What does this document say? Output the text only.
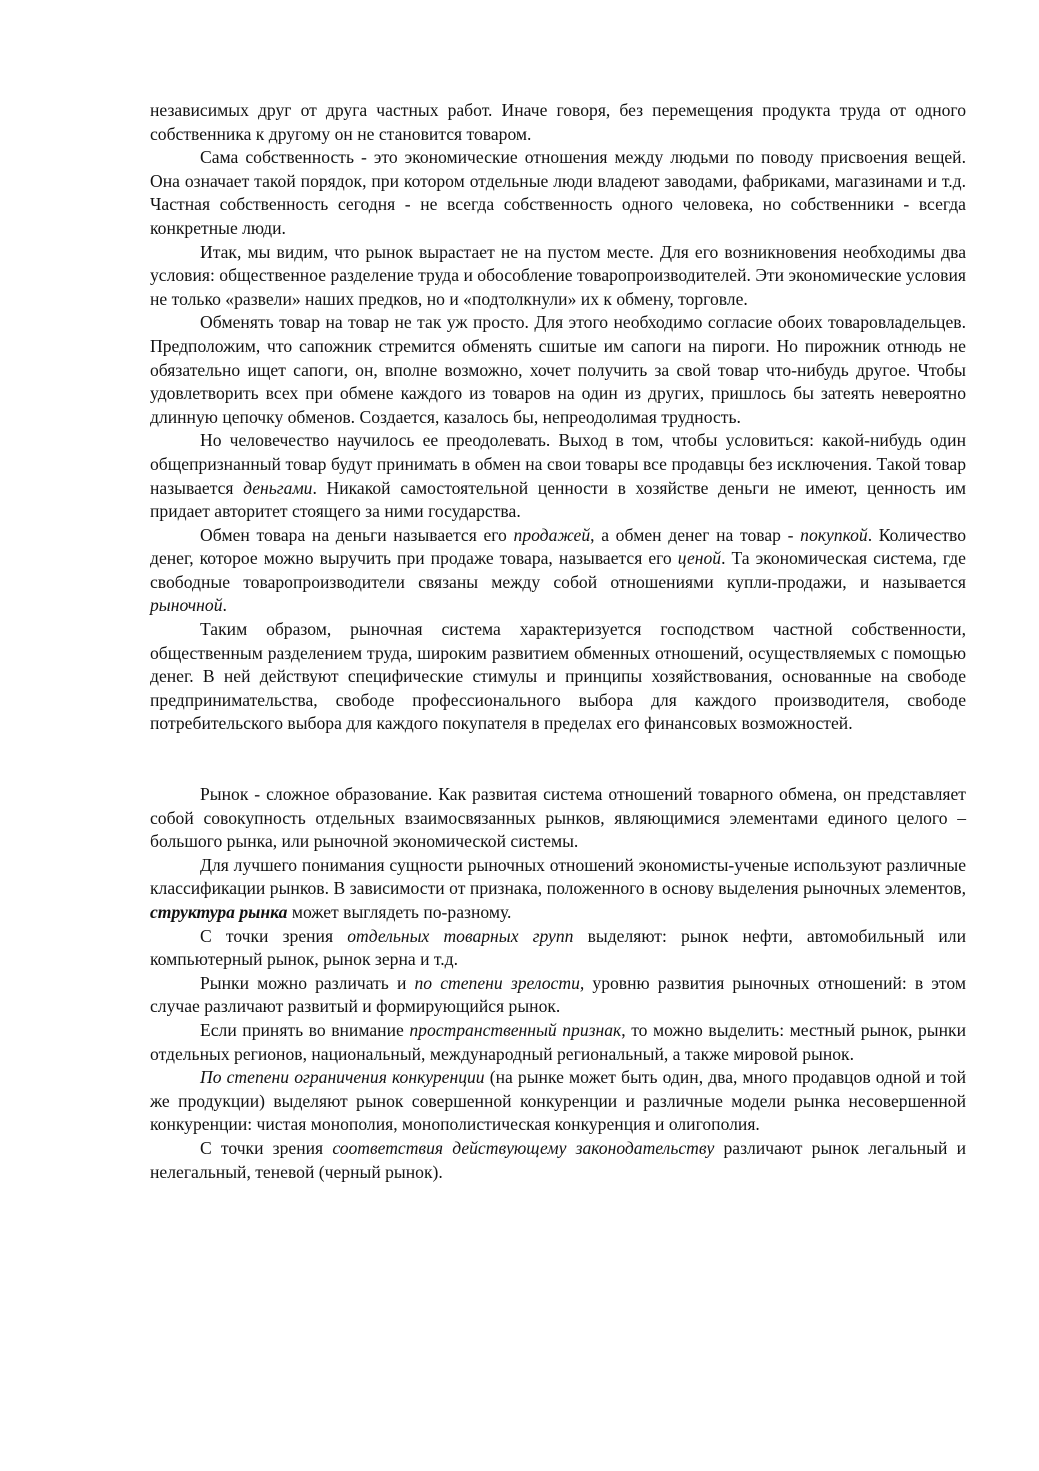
независимых друг от друга частных работ. Иначе говоря, без перемещения продукта труда от одного собственника к другому он не становится товаром.

Сама собственность - это экономические отношения между людьми по поводу присвоения вещей. Она означает такой порядок, при котором отдельные люди владеют заводами, фабриками, магазинами и т.д. Частная собственность сегодня - не всегда собственность одного человека, но собственники - всегда конкретные люди.

Итак, мы видим, что рынок вырастает не на пустом месте. Для его возникновения необходимы два условия: общественное разделение труда и обособление товаропроизводителей. Эти экономические условия не только «развели» наших предков, но и «подтолкнули» их к обмену, торговле.

Обменять товар на товар не так уж просто. Для этого необходимо согласие обоих товаровладельцев. Предположим, что сапожник стремится обменять сшитые им сапоги на пироги. Но пирожник отнюдь не обязательно ищет сапоги, он, вполне возможно, хочет получить за свой товар что-нибудь другое. Чтобы удовлетворить всех при обмене каждого из товаров на один из других, пришлось бы затеять невероятно длинную цепочку обменов. Создается, казалось бы, непреодолимая трудность.

Но человечество научилось ее преодолевать. Выход в том, чтобы условиться: какой-нибудь один общепризнанный товар будут принимать в обмен на свои товары все продавцы без исключения. Такой товар называется деньгами. Никакой самостоятельной ценности в хозяйстве деньги не имеют, ценность им придает авторитет стоящего за ними государства.

Обмен товара на деньги называется его продажей, а обмен денег на товар - покупкой. Количество денег, которое можно выручить при продаже товара, называется его ценой. Та экономическая система, где свободные товаропроизводители связаны между собой отношениями купли-продажи, и называется рыночной.

Таким образом, рыночная система характеризуется господством частной собственности, общественным разделением труда, широким развитием обменных отношений, осуществляемых с помощью денег. В ней действуют специфические стимулы и принципы хозяйствования, основанные на свободе предпринимательства, свободе профессионального выбора для каждого производителя, свободе потребительского выбора для каждого покупателя в пределах его финансовых возможностей.

Рынок - сложное образование. Как развитая система отношений товарного обмена, он представляет собой совокупность отдельных взаимосвязанных рынков, являющимися элементами единого целого – большого рынка, или рыночной экономической системы.

Для лучшего понимания сущности рыночных отношений экономисты-ученые используют различные классификации рынков. В зависимости от признака, положенного в основу выделения рыночных элементов, структура рынка может выглядеть по-разному.

С точки зрения отдельных товарных групп выделяют: рынок нефти, автомобильный или компьютерный рынок, рынок зерна и т.д.

Рынки можно различать и по степени зрелости, уровню развития рыночных отношений: в этом случае различают развитый и формирующийся рынок.

Если принять во внимание пространственный признак, то можно выделить: местный рынок, рынки отдельных регионов, национальный, международный региональный, а также мировой рынок.

По степени ограничения конкуренции (на рынке может быть один, два, много продавцов одной и той же продукции) выделяют рынок совершенной конкуренции и различные модели рынка несовершенной конкуренции: чистая монополия, монополистическая конкуренция и олигополия.

С точки зрения соответствия действующему законодательству различают рынок легальный и нелегальный, теневой (черный рынок).
